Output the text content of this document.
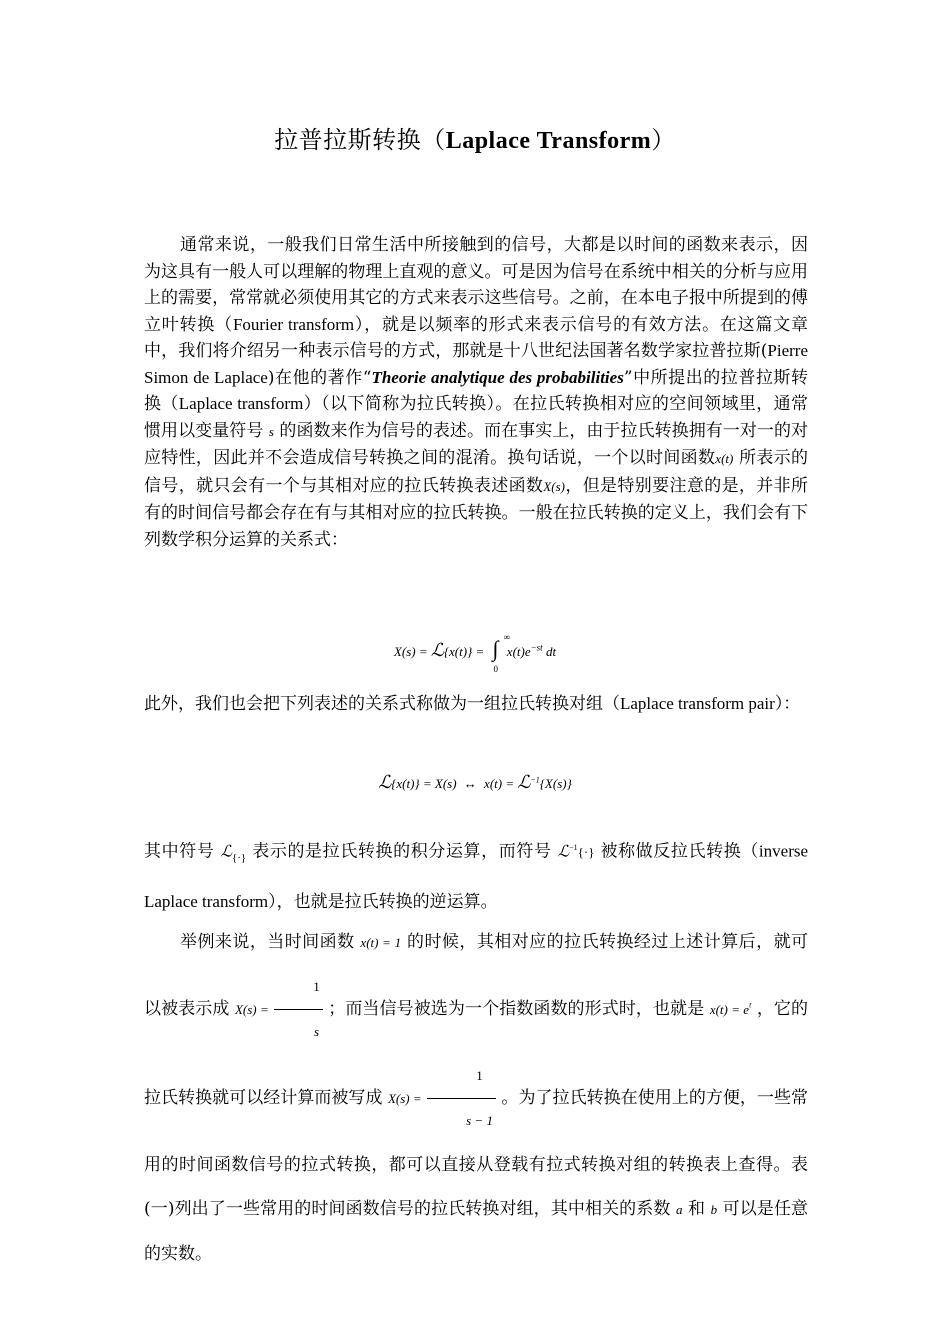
拉普拉斯转换（Laplace Transform）
通常来说，一般我们日常生活中所接触到的信号，大都是以时间的函数来表示，因为这具有一般人可以理解的物理上直观的意义。可是因为信号在系统中相关的分析与应用上的需要，常常就必须使用其它的方式来表示这些信号。之前，在本电子报中所提到的傅立叶转换（Fourier transform），就是以频率的形式来表示信号的有效方法。在这篇文章中，我们将介绍另一种表示信号的方式，那就是十八世纪法国著名数学家拉普拉斯(Pierre Simon de Laplace)在他的著作“Theorie analytique des probabilities”中所提出的拉普拉斯转换（Laplace transform）（以下简称为拉氏转换）。在拉氏转换相对应的空间领域里，通常惯用以变量符号 s 的函数来作为信号的表述。而在事实上，由于拉氏转换拥有一对一的对应特性，因此并不会造成信号转换之间的混淆。换句话说，一个以时间函数x(t) 所表示的信号，就只会有一个与其相对应的拉氏转换表述函数X(s)，但是特别要注意的是，并非所有的时间信号都会存在有与其相对应的拉氏转换。一般在拉氏转换的定义上，我们会有下列数学积分运算的关系式：
X(s) = ℒ{x(t)} = ∫ ∞
0
$x(t)e^{-st}$ dt
此外，我们也会把下列表述的关系式称做为一组拉氏转换对组（Laplace transform pair）：
ℒ{x(t)} = X(s) ↔ x(t) = ℒ$^{-1}${X(s)}
其中符号 ℒ$_{\{\cdot\}}$ 表示的是拉氏转换的积分运算，而符号 ℒ$^{-1}${·} 被称做反拉氏转换（inverse Laplace transform），也就是拉氏转换的逆运算。
举例来说，当时间函数 x(t) = 1 的时候，其相对应的拉氏转换经过上述计算后，就可以被表示成 $X(s) = \frac{1}{s}$ ；而当信号被选为一个指数函数的形式时，也就是 $x(t) = e^t$ ，它的拉氏转换就可以经计算而被写成 $X(s) = \frac{1}{s - 1}$ 。为了拉氏转换在使用上的方便，一些常用的时间函数信号的拉式转换，都可以直接从登载有拉式转换对组的转换表上查得。表(一)列出了一些常用的时间函数信号的拉氏转换对组，其中相关的系数 a 和 b 可以是任意的实数。
